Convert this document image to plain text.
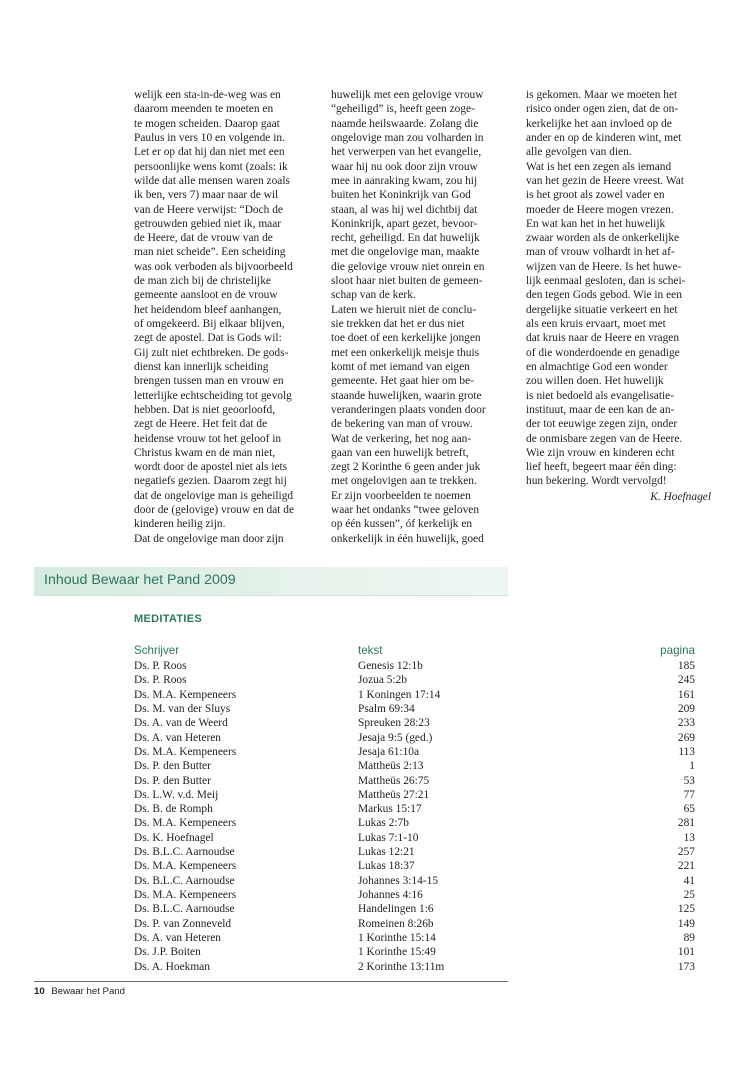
welijk een sta-in-de-weg was en

daarom meenden te moeten en

te mogen scheiden. Daarop gaat

Paulus in vers 10 en volgende in.

Let er op dat hij dan niet met een

persoonlijke wens komt (zoals: ik

wilde dat alle mensen waren zoals

ik ben, vers 7) maar naar de wil

van de Heere verwijst: “Doch de

getrouwden gebied niet ik, maar

de Heere, dat de vrouw van de

man niet scheide”. Een scheiding

was ook verboden als bijvoorbeeld

de man zich bij de christelijke

gemeente aansloot en de vrouw

het heidendom bleef aanhangen,

of omgekeerd. Bij elkaar blijven,

zegt de apostel. Dat is Gods wil:

Gij zult niet echtbreken. De gods-

dienst kan innerlijk scheiding

brengen tussen man en vrouw en

letterlijke echtscheiding tot gevolg

hebben. Dat is niet geoorloofd,

zegt de Heere. Het feit dat de

heidense vrouw tot het geloof in

Christus kwam en de man niet,

wordt door de apostel niet als iets

negatiefs gezien. Daarom zegt hij

dat de ongelovige man is geheiligd

door de (gelovige) vrouw en dat de

kinderen heilig zijn.

Dat de ongelovige man door zijn

huwelijk met een gelovige vrouw

“geheiligd” is, heeft geen zoge-

naamde heilswaarde. Zolang die

ongelovige man zou volharden in

het verwerpen van het evangelie,

waar hij nu ook door zijn vrouw

mee in aanraking kwam, zou hij

buiten het Koninkrijk van God

staan, al was hij wel dichtbij dat

Koninkrijk, apart gezet, bevoor-

recht, geheiligd. En dat huwelijk

met die ongelovige man, maakte

die gelovige vrouw niet onrein en

sloot haar niet buiten de gemeen-

schap van de kerk.

Laten we hieruit niet de conclu-

sie trekken dat het er dus niet

toe doet of een kerkelijke jongen

met een onkerkelijk meisje thuis

komt of met iemand van eigen

gemeente. Het gaat hier om be-

staande huwelijken, waarin grote

veranderingen plaats vonden door

de bekering van man of vrouw.

Wat de verkering, het nog aan-

gaan van een huwelijk betreft,

zegt 2 Korinthe 6 geen ander juk

met ongelovigen aan te trekken.

Er zijn voorbeelden te noemen

waar het ondanks “twee geloven

op één kussen”, óf kerkelijk en

onkerkelijk in één huwelijk, goed

is gekomen. Maar we moeten het

risico onder ogen zien, dat de on-

kerkelijke het aan invloed op de

ander en op de kinderen wint, met

alle gevolgen van dien.

Wat is het een zegen als iemand

van het gezin de Heere vreest. Wat

is het groot als zowel vader en

moeder de Heere mogen vrezen.

En wat kan het in het huwelijk

zwaar worden als de onkerkelijke

man of vrouw volhardt in het af-

wijzen van de Heere. Is het huwe-

lijk eenmaal gesloten, dan is schei-

den tegen Gods gebod. Wie in een

dergelijke situatie verkeert en het

als een kruis ervaart, moet met

dat kruis naar de Heere en vragen

of die wonderdoende en genadige

en almachtige God een wonder

zou willen doen. Het huwelijk

is niet bedoeld als evangelisatie-

instituut, maar de een kan de an-

der tot eeuwige zegen zijn, onder

de onmisbare zegen van de Heere.

Wie zijn vrouw en kinderen echt

lief heeft, begeert maar één ding:

hun bekering. Wordt vervolgd!

K. Hoefnagel

Inhoud Bewaar het Pand 2009
MEDITATIES
Schrijver	tekst	pagina
Ds. P. Roos	Genesis 12:1b	185
Ds. P. Roos	Jozua 5:2b	245
Ds. M.A. Kempeneers	1 Koningen 17:14	161
Ds. M. van der Sluys	Psalm 69:34	209
Ds. A. van de Weerd	Spreuken 28:23	233
Ds. A. van Heteren	Jesaja 9:5 (ged.)	269
Ds. M.A. Kempeneers	Jesaja 61:10a	113
Ds. P. den Butter	Mattheüs 2:13	1
Ds. P. den Butter	Mattheüs 26:75	53
Ds. L.W. v.d. Meij	Mattheüs 27:21	77
Ds. B. de Romph	Markus 15:17	65
Ds. M.A. Kempeneers	Lukas 2:7b	281
Ds. K. Hoefnagel	Lukas 7:1-10	13
Ds. B.L.C. Aarnoudse	Lukas 12:21	257
Ds. M.A. Kempeneers	Lukas 18:37	221
Ds. B.L.C. Aarnoudse	Johannes 3:14-15	41
Ds. M.A. Kempeneers	Johannes 4:16	25
Ds. B.L.C. Aarnoudse	Handelingen 1:6	125
Ds. P. van Zonneveld	Romeinen 8:26b	149
Ds. A. van Heteren	1 Korinthe 15:14	89
Ds. J.P. Boiten	1 Korinthe 15:49	101
Ds. A. Hoekman	2 Korinthe 13:11m	173
10 Bewaar het Pand
